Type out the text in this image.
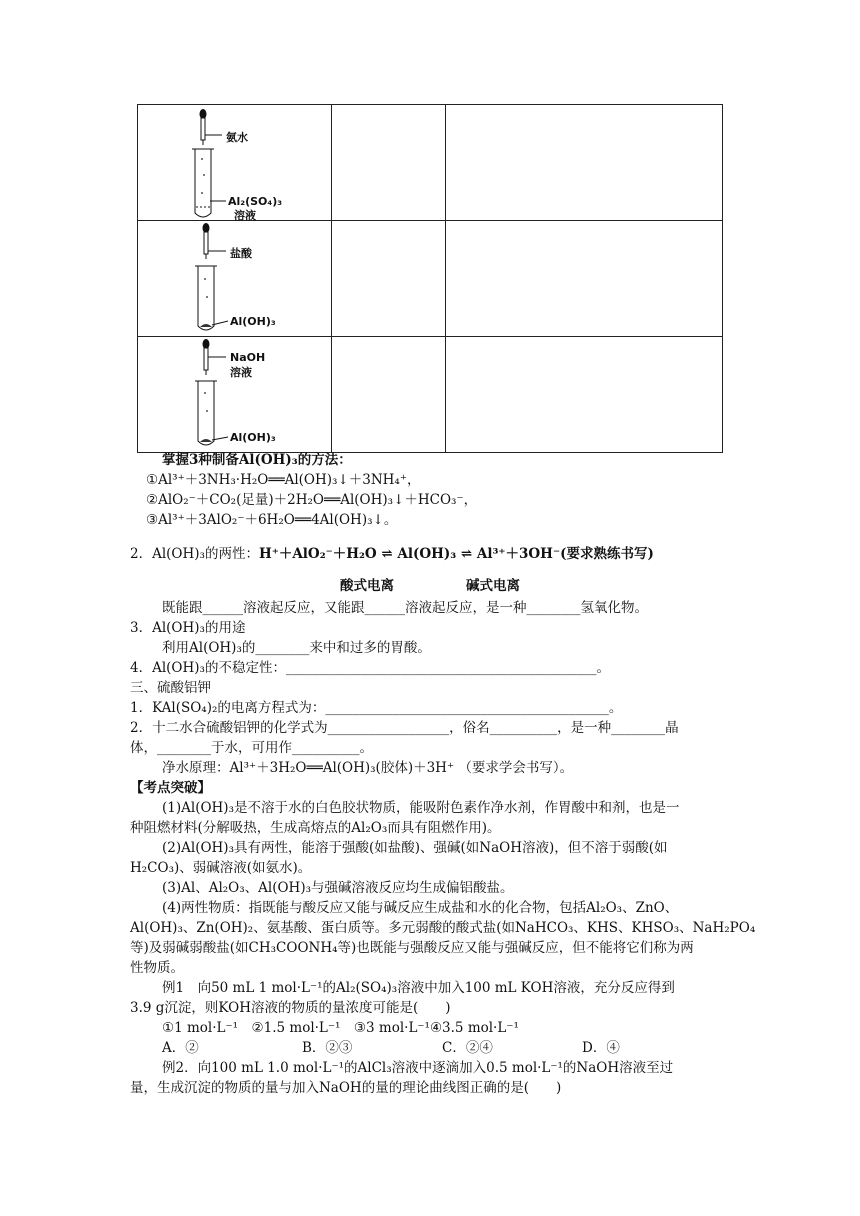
氨水
Al₂(SO₄)₃
溶液		

盐酸
Al(OH)₃		

NaOH
溶液
Al(OH)₃		

掌握3种制备Al(OH)₃的方法：
①Al³⁺＋3NH₃·H₂O══Al(OH)₃↓＋3NH₄⁺，
②AlO₂⁻＋CO₂(足量)＋2H₂O══Al(OH)₃↓＋HCO₃⁻，
③Al³⁺＋3AlO₂⁻＋6H₂O══4Al(OH)₃↓。
2．Al(OH)₃的两性：H⁺＋AlO₂⁻＋H₂O ⇌ Al(OH)₃ ⇌ Al³⁺＋3OH⁻(要求熟练书写)
酸式电离	碱式电离
既能跟______溶液起反应，又能跟______溶液起反应，是一种________氢氧化物。
3．Al(OH)₃的用途
利用Al(OH)₃的________来中和过多的胃酸。
4．Al(OH)₃的不稳定性：______________________________________________。
三、硫酸铝钾
1．KAl(SO₄)₂的电离方程式为：__________________________________________。
2．十二水合硫酸铝钾的化学式为__________________，俗名__________，是一种________晶
体，________于水，可用作__________。
净水原理：Al³⁺＋3H₂O══Al(OH)₃(胶体)＋3H⁺ （要求学会书写）。
【考点突破】
(1)Al(OH)₃是不溶于水的白色胶状物质，能吸附色素作净水剂，作胃酸中和剂，也是一
种阻燃材料(分解吸热，生成高熔点的Al₂O₃而具有阻燃作用)。
(2)Al(OH)₃具有两性，能溶于强酸(如盐酸)、强碱(如NaOH溶液)，但不溶于弱酸(如
H₂CO₃)、弱碱溶液(如氨水)。
(3)Al、Al₂O₃、Al(OH)₃与强碱溶液反应均生成偏铝酸盐。
(4)两性物质：指既能与酸反应又能与碱反应生成盐和水的化合物，包括Al₂O₃、ZnO、
Al(OH)₃、Zn(OH)₂、氨基酸、蛋白质等。多元弱酸的酸式盐(如NaHCO₃、KHS、KHSO₃、NaH₂PO₄
等)及弱碱弱酸盐(如CH₃COONH₄等)也既能与强酸反应又能与强碱反应，但不能将它们称为两
性物质。
例1　向50 mL 1 mol·L⁻¹的Al₂(SO₄)₃溶液中加入100 mL KOH溶液，充分反应得到
3.9 g沉淀，则KOH溶液的物质的量浓度可能是(　　)
①1 mol·L⁻¹　②1.5 mol·L⁻¹　③3 mol·L⁻¹④3.5 mol·L⁻¹
A．②	B．②③	C．②④	D．④
例2．向100 mL 1.0 mol·L⁻¹的AlCl₃溶液中逐滴加入0.5 mol·L⁻¹的NaOH溶液至过
量，生成沉淀的物质的量与加入NaOH的量的理论曲线图正确的是(　　)
